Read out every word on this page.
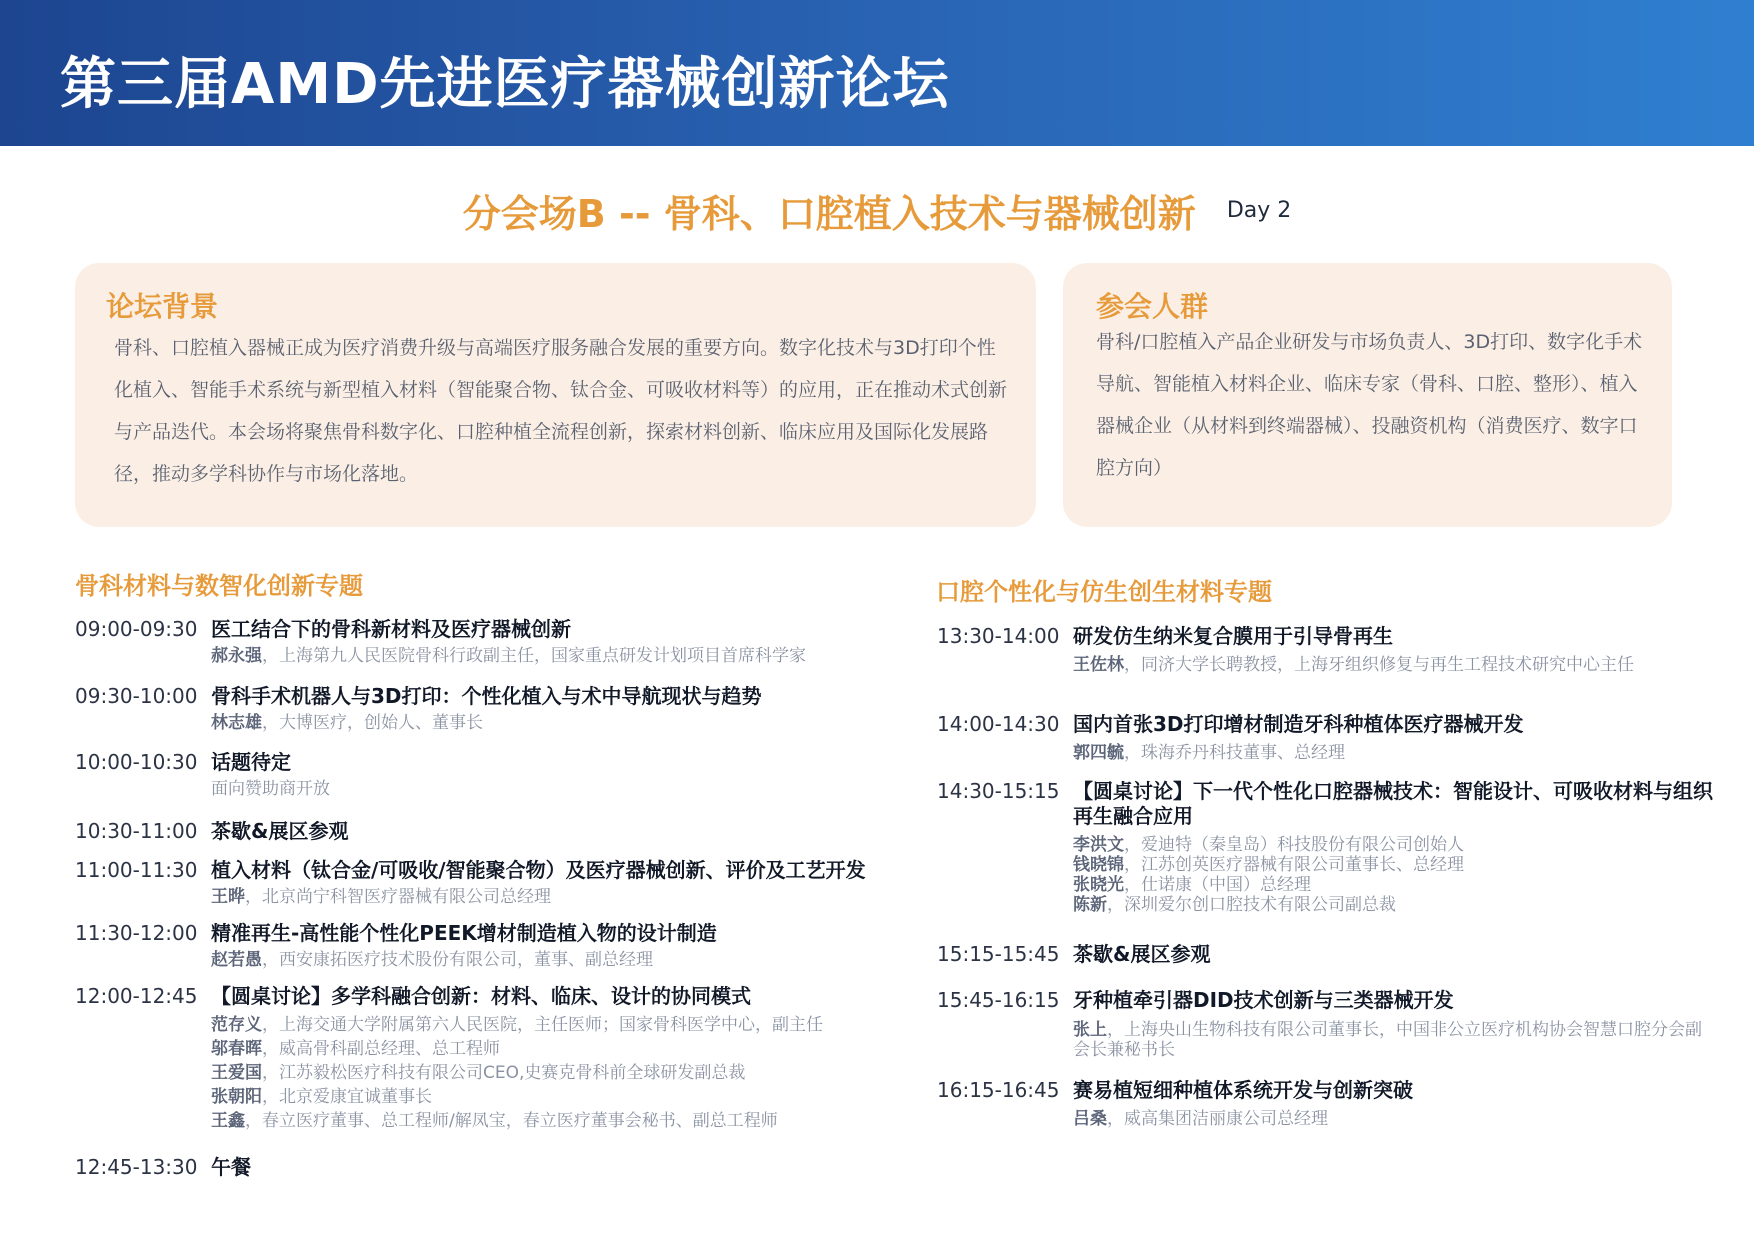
第三届AMD先进医疗器械创新论坛
分会场B -- 骨科、口腔植入技术与器械创新 Day 2
论坛背景
骨科、口腔植入器械正成为医疗消费升级与高端医疗服务融合发展的重要方向。数字化技术与3D打印个性化植入、智能手术系统与新型植入材料（智能聚合物、钛合金、可吸收材料等）的应用，正在推动术式创新与产品迭代。本会场将聚焦骨科数字化、口腔种植全流程创新，探索材料创新、临床应用及国际化发展路径，推动多学科协作与市场化落地。
参会人群
骨科/口腔植入产品企业研发与市场负责人、3D打印、数字化手术导航、智能植入材料企业、临床专家（骨科、口腔、整形）、植入器械企业（从材料到终端器械）、投融资机构（消费医疗、数字口腔方向）
骨科材料与数智化创新专题	口腔个性化与仿生创生材料专题
09:00-09:30 医工结合下的骨科新材料及医疗器械创新
郝永强，上海第九人民医院骨科行政副主任，国家重点研发计划项目首席科学家
09:30-10:00 骨科手术机器人与3D打印：个性化植入与术中导航现状与趋势
林志雄，大博医疗，创始人、董事长
10:00-10:30 话题待定
面向赞助商开放
10:30-11:00 茶歇&展区参观
11:00-11:30 植入材料（钛合金/可吸收/智能聚合物）及医疗器械创新、评价及工艺开发
王晔，北京尚宁科智医疗器械有限公司总经理
11:30-12:00 精准再生-高性能个性化PEEK增材制造植入物的设计制造
赵若愚，西安康拓医疗技术股份有限公司，董事、副总经理
12:00-12:45 【圆桌讨论】多学科融合创新：材料、临床、设计的协同模式
范存义，上海交通大学附属第六人民医院，主任医师；国家骨科医学中心，副主任
邬春晖，威高骨科副总经理、总工程师
王爱国，江苏毅松医疗科技有限公司CEO,史赛克骨科前全球研发副总裁
张朝阳，北京爱康宜诚董事长
王鑫，春立医疗董事、总工程师/解凤宝，春立医疗董事会秘书、副总工程师
12:45-13:30 午餐
13:30-14:00 研发仿生纳米复合膜用于引导骨再生
王佐林，同济大学长聘教授，上海牙组织修复与再生工程技术研究中心主任
14:00-14:30 国内首张3D打印增材制造牙科种植体医疗器械开发
郭四毓，珠海乔丹科技董事、总经理
14:30-15:15 【圆桌讨论】下一代个性化口腔器械技术：智能设计、可吸收材料与组织再生融合应用
李洪文，爱迪特（秦皇岛）科技股份有限公司创始人
钱晓锦，江苏创英医疗器械有限公司董事长、总经理
张晓光，仕诺康（中国）总经理
陈新，深圳爱尔创口腔技术有限公司副总裁
15:15-15:45 茶歇&展区参观
15:45-16:15 牙种植牵引器DID技术创新与三类器械开发
张上，上海央山生物科技有限公司董事长，中国非公立医疗机构协会智慧口腔分会副会长兼秘书长
16:15-16:45 赛易植短细种植体系统开发与创新突破
吕桑，威高集团洁丽康公司总经理
